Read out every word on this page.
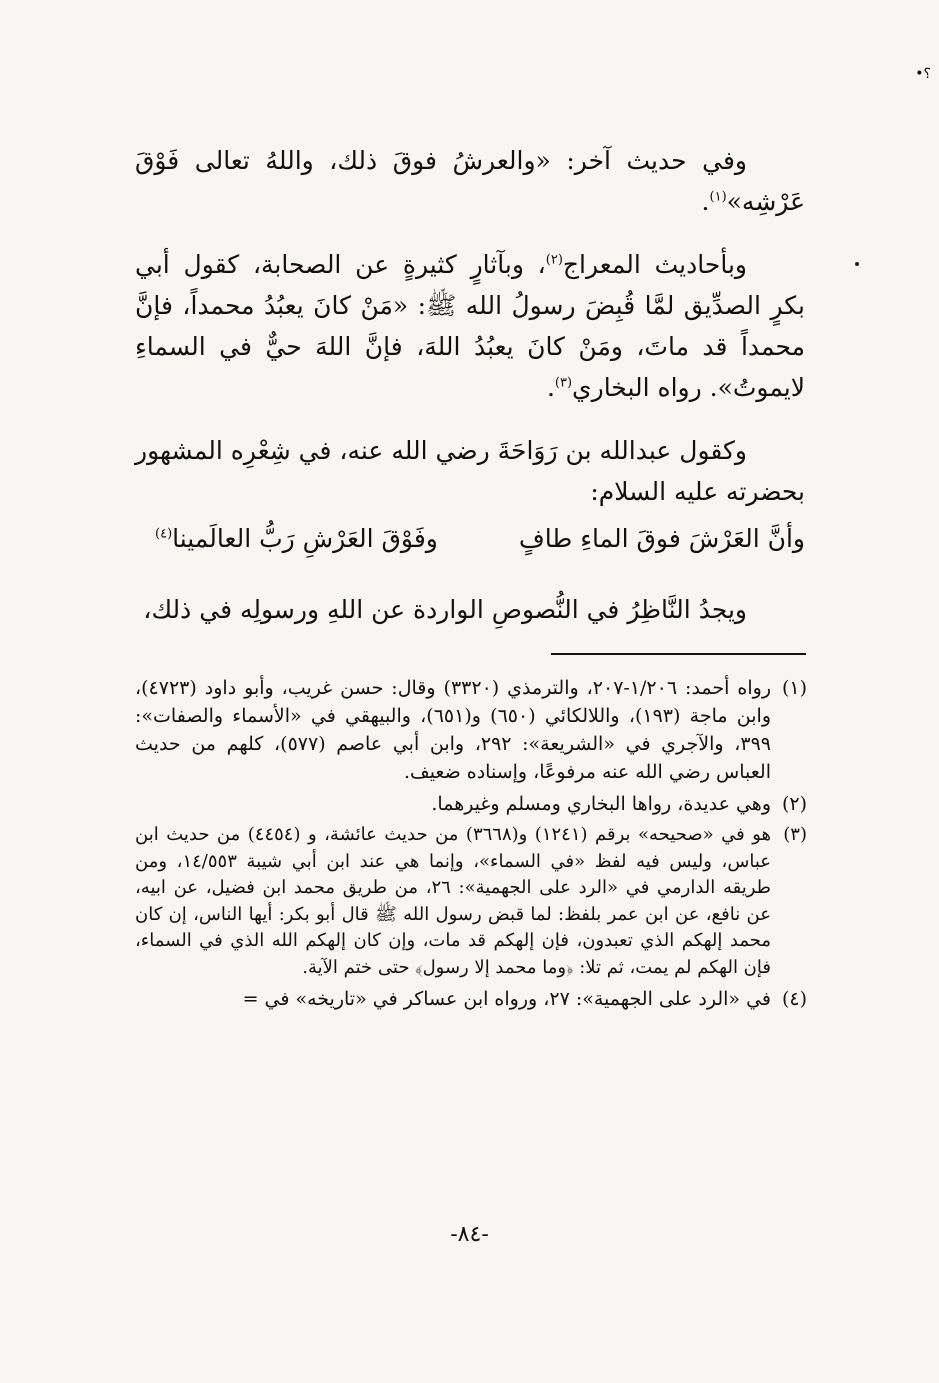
؟•

وفي حديث آخر: «والعرشُ فوقَ ذلك، واللهُ تعالى فَوْقَ عَرْشِه»$^{(١)}$.

وبأحاديث المعراج$^{(٢)}$، وبآثارٍ كثيرةٍ عن الصحابة، كقول أبي بكرٍ الصدِّيق لمَّا قُبِضَ رسولُ الله ﷺ: «مَنْ كانَ يعبُدُ محمداً، فإنَّ محمداً قد ماتَ، ومَنْ كانَ يعبُدُ اللهَ، فإنَّ اللهَ حيٌّ في السماءِ لايموتُ». رواه البخاري$^{(٣)}$.

وكقول عبدالله بن رَوَاحَةَ رضي الله عنه، في شِعْرِه المشهور بحضرته عليه السلام:

وأنَّ العَرْشَ فوقَ الماءِ طافٍ
وفَوْقَ العَرْشِ رَبُّ العالَمينا$^{(٤)}$

ويجدُ النَّاظِرُ في النُّصوصِ الواردة عن اللهِ ورسولِه في ذلك،

(١)
رواه أحمد: ١/٢٠٦-٢٠٧، والترمذي (٣٣٢٠) وقال: حسن غريب، وأبو داود (٤٧٢٣)، وابن ماجة (١٩٣)، واللالكائي (٦٥٠) و(٦٥١)، والبيهقي في «الأسماء والصفات»: ٣٩٩، والآجري في «الشريعة»: ٢٩٢، وابن أبي عاصم (٥٧٧)، كلهم من حديث العباس رضي الله عنه مرفوعًا، وإسناده ضعيف.
(٢)
وهي عديدة، رواها البخاري ومسلم وغيرهما.
(٣)
هو في «صحيحه» برقم (١٢٤١) و(٣٦٦٨) من حديث عائشة، و (٤٤٥٤) من حديث ابن عباس، وليس فيه لفظ «في السماء»، وإنما هي عند ابن أبي شيبة ١٤/٥٥٣، ومن طريقه الدارمي في «الرد على الجهمية»: ٢٦، من طريق محمد ابن فضيل، عن ابيه، عن نافع، عن ابن عمر بلفظ: لما قبض رسول الله ﷺ قال أبو بكر: أيها الناس، إن كان محمد إلهكم الذي تعبدون، فإن إلهكم قد مات، وإن كان إلهكم الله الذي في السماء، فإن الهكم لم يمت، ثم تلا: ﴿وما محمد إلا رسول﴾ حتى ختم الآية.
(٤)
في «الرد على الجهمية»: ٢٧، ورواه ابن عساكر في «تاريخه» في =
-٨٤-
